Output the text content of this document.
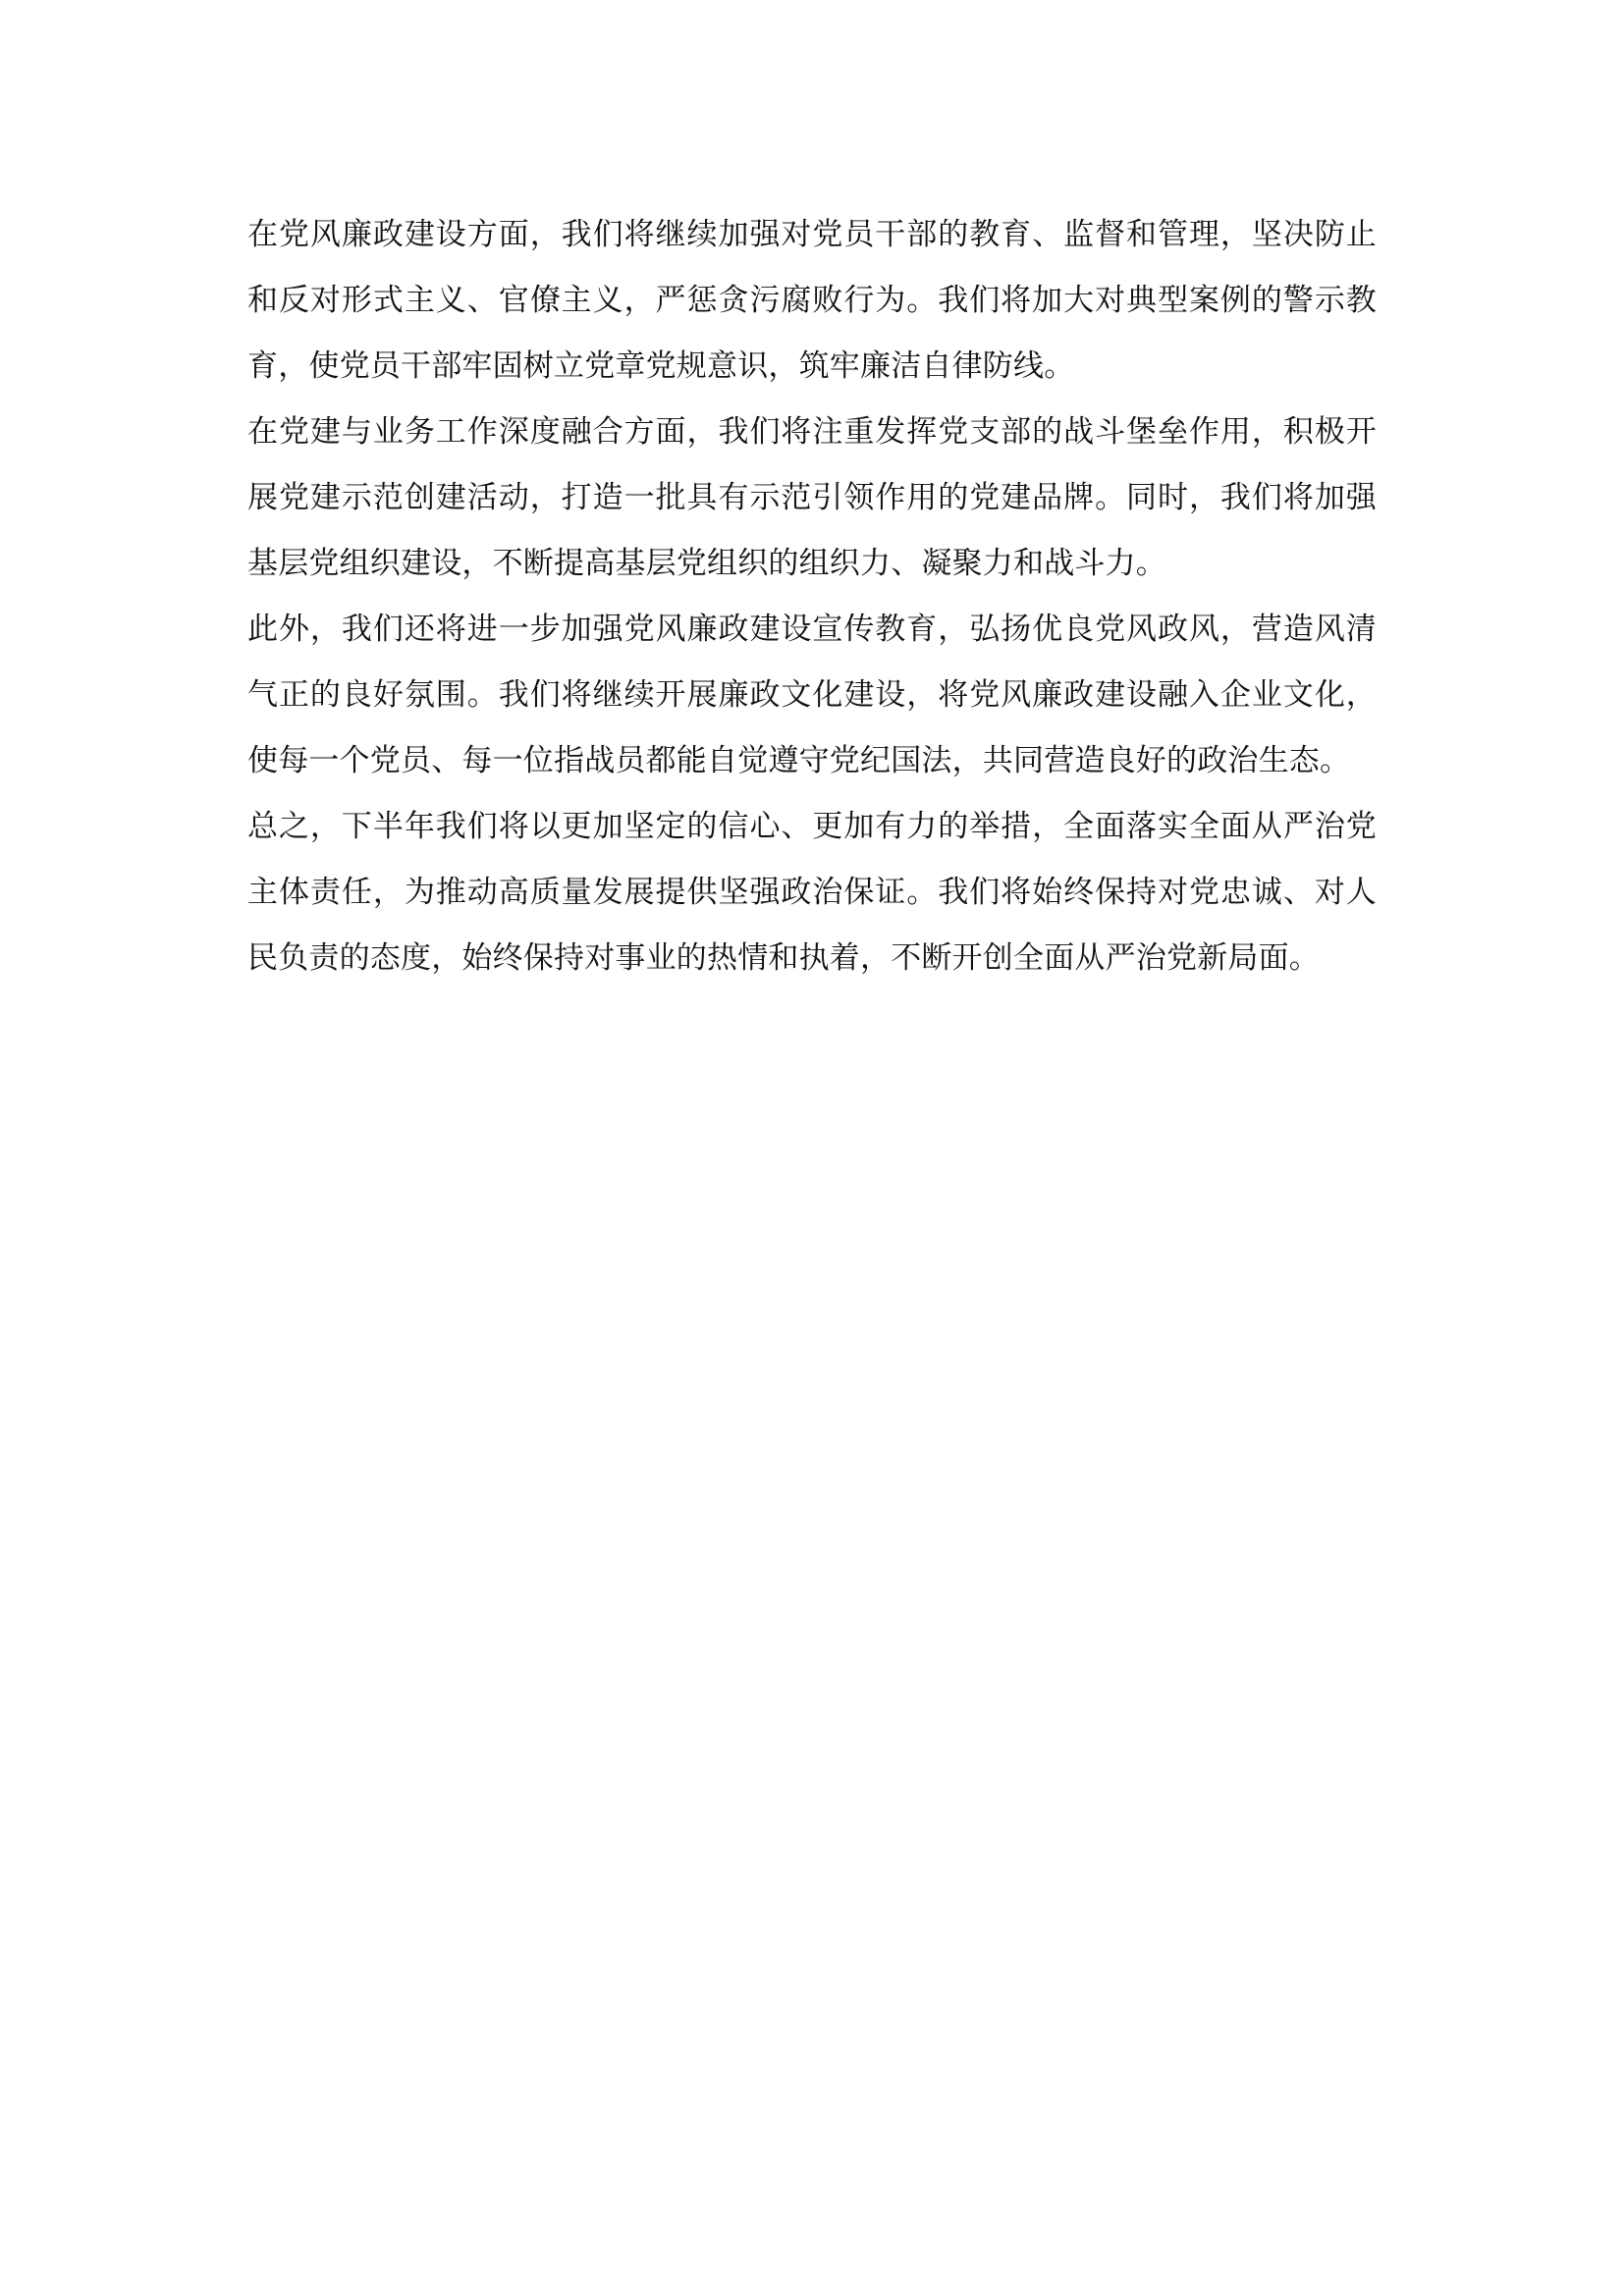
在党风廉政建设方面，我们将继续加强对党员干部的教育、监督和管理，坚决防止和反对形式主义、官僚主义，严惩贪污腐败行为。我们将加大对典型案例的警示教育，使党员干部牢固树立党章党规意识，筑牢廉洁自律防线。

在党建与业务工作深度融合方面，我们将注重发挥党支部的战斗堡垒作用，积极开展党建示范创建活动，打造一批具有示范引领作用的党建品牌。同时，我们将加强基层党组织建设，不断提高基层党组织的组织力、凝聚力和战斗力。

此外，我们还将进一步加强党风廉政建设宣传教育，弘扬优良党风政风，营造风清气正的良好氛围。我们将继续开展廉政文化建设，将党风廉政建设融入企业文化，使每一个党员、每一位指战员都能自觉遵守党纪国法，共同营造良好的政治生态。

总之，下半年我们将以更加坚定的信心、更加有力的举措，全面落实全面从严治党主体责任，为推动高质量发展提供坚强政治保证。我们将始终保持对党忠诚、对人民负责的态度，始终保持对事业的热情和执着，不断开创全面从严治党新局面。
